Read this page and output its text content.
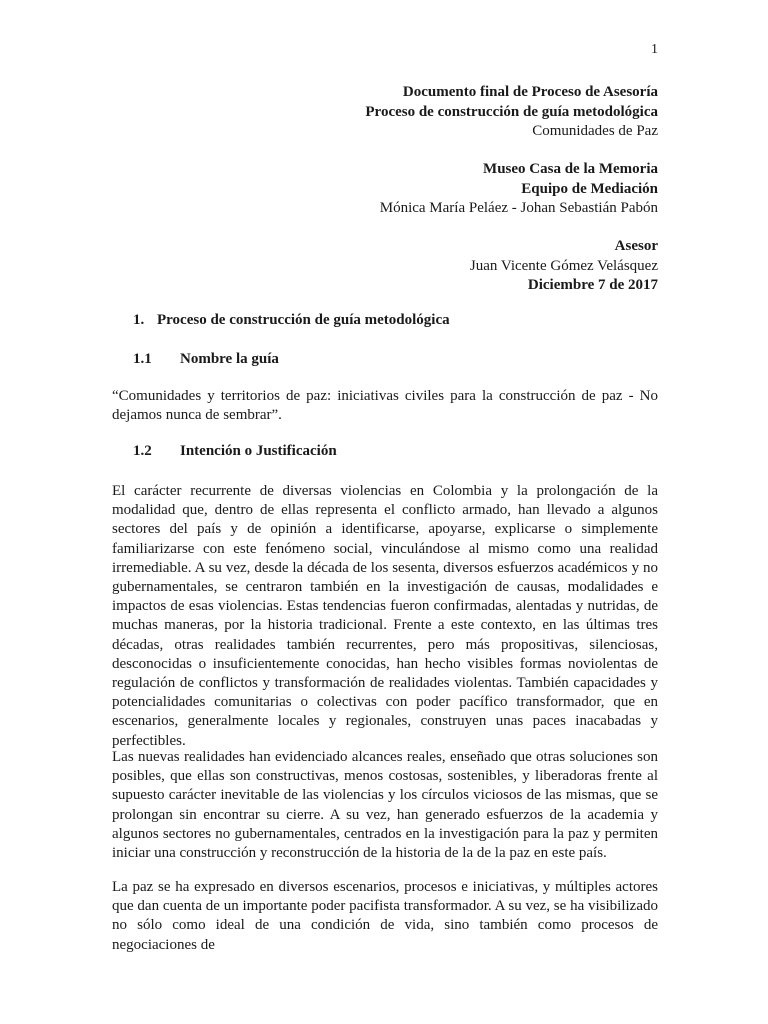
1
Documento final de Proceso de Asesoría
Proceso de construcción de guía metodológica
Comunidades de Paz
Museo Casa de la Memoria
Equipo de Mediación
Mónica María Peláez - Johan Sebastián Pabón
Asesor
Juan Vicente Gómez Velásquez
Diciembre 7 de 2017
1. Proceso de construcción de guía metodológica
1.1 Nombre la guía
“Comunidades y territorios de paz: iniciativas civiles para la construcción de paz - No dejamos nunca de sembrar”.
1.2 Intención o Justificación
El carácter recurrente de diversas violencias en Colombia y la prolongación de la modalidad que, dentro de ellas representa el conflicto armado, han llevado a algunos sectores del país y de opinión a identificarse, apoyarse, explicarse o simplemente familiarizarse con este fenómeno social, vinculándose al mismo como una realidad irremediable. A su vez, desde la década de los sesenta, diversos esfuerzos académicos y no gubernamentales, se centraron también en la investigación de causas, modalidades e impactos de esas violencias. Estas tendencias fueron confirmadas, alentadas y nutridas, de muchas maneras, por la historia tradicional. Frente a este contexto, en las últimas tres décadas, otras realidades también recurrentes, pero más propositivas, silenciosas, desconocidas o insuficientemente conocidas, han hecho visibles formas noviolentas de regulación de conflictos y transformación de realidades violentas. También capacidades y potencialidades comunitarias o colectivas con poder pacífico transformador, que en escenarios, generalmente locales y regionales, construyen unas paces inacabadas y perfectibles.
Las nuevas realidades han evidenciado alcances reales, enseñado que otras soluciones son posibles, que ellas son constructivas, menos costosas, sostenibles, y liberadoras frente al supuesto carácter inevitable de las violencias y los círculos viciosos de las mismas, que se prolongan sin encontrar su cierre. A su vez, han generado esfuerzos de la academia y algunos sectores no gubernamentales, centrados en la investigación para la paz y permiten iniciar una construcción y reconstrucción de la historia de la de la paz en este país.
La paz se ha expresado en diversos escenarios, procesos e iniciativas, y múltiples actores que dan cuenta de un importante poder pacifista transformador. A su vez, se ha visibilizado no sólo como ideal de una condición de vida, sino también como procesos de negociaciones de
